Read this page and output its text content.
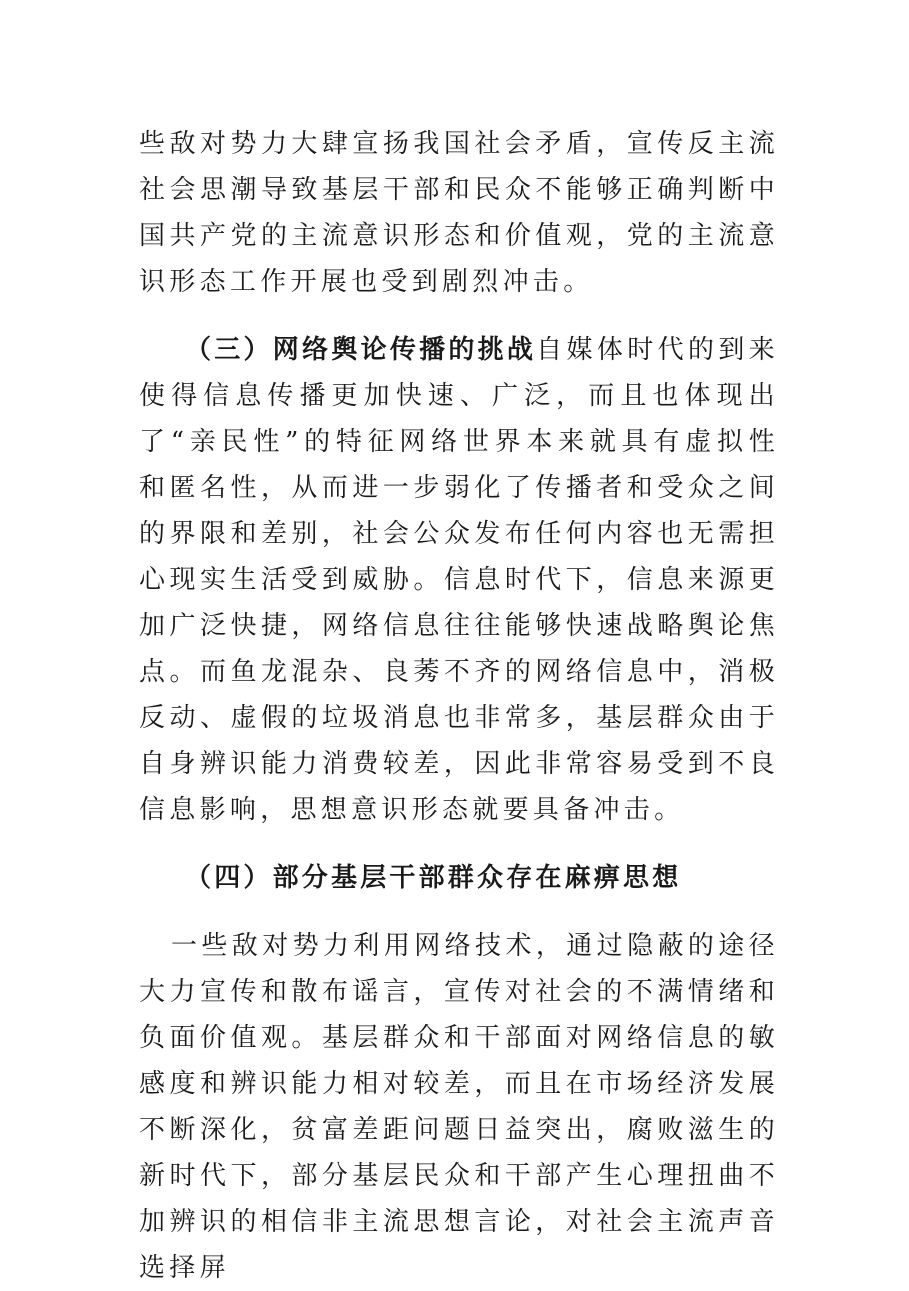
些敌对势力大肆宣扬我国社会矛盾，宣传反主流社会思潮导致基层干部和民众不能够正确判断中国共产党的主流意识形态和价值观，党的主流意识形态工作开展也受到剧烈冲击。

（三）网络舆论传播的挑战自媒体时代的到来使得信息传播更加快速、广泛，而且也体现出了“亲民性”的特征网络世界本来就具有虚拟性和匿名性，从而进一步弱化了传播者和受众之间的界限和差别，社会公众发布任何内容也无需担心现实生活受到威胁。信息时代下，信息来源更加广泛快捷，网络信息往往能够快速战略舆论焦点。而鱼龙混杂、良莠不齐的网络信息中，消极反动、虚假的垃圾消息也非常多，基层群众由于自身辨识能力消费较差，因此非常容易受到不良信息影响，思想意识形态就要具备冲击。

（四）部分基层干部群众存在麻痹思想

一些敌对势力利用网络技术，通过隐蔽的途径大力宣传和散布谣言，宣传对社会的不满情绪和负面价值观。基层群众和干部面对网络信息的敏感度和辨识能力相对较差，而且在市场经济发展不断深化，贫富差距问题日益突出，腐败滋生的新时代下，部分基层民众和干部产生心理扭曲不加辨识的相信非主流思想言论，对社会主流声音选择屏
